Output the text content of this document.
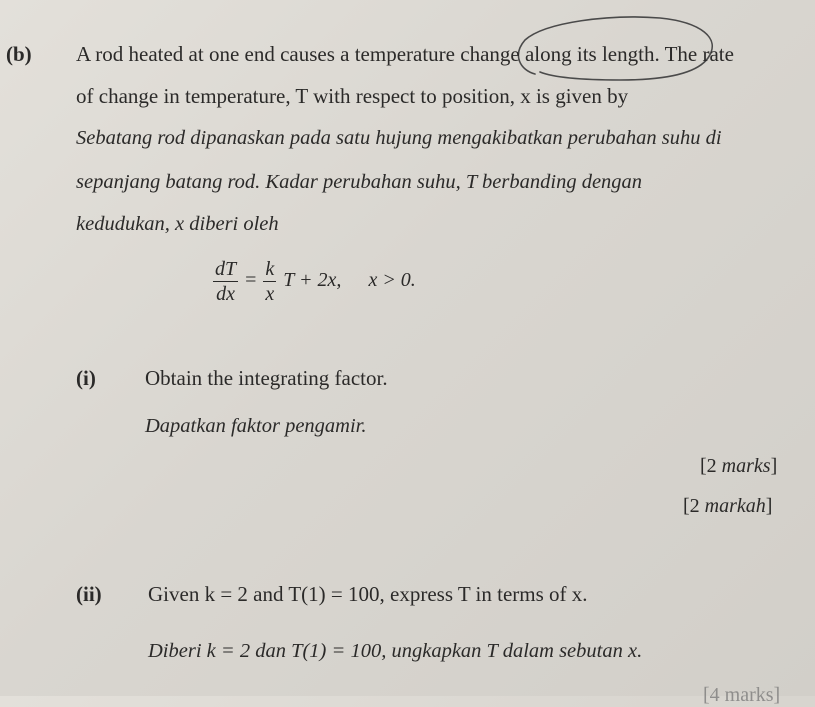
(b) A rod heated at one end causes a temperature change along its length. The rate
of change in temperature, T with respect to position, x is given by
Sebatang rod dipanaskan pada satu hujung mengakibatkan perubahan suhu di
sepanjang batang rod. Kadar perubahan suhu, T berbanding dengan
kedudukan, x diberi oleh
$\frac{dT}{dx} = \frac{k}{x}$ T + 2x, x > 0.
(i) Obtain the integrating factor.
Dapatkan faktor pengamir.
[2 marks]
[2 markah]
(ii) Given k = 2 and T(1) = 100, express T in terms of x.
Diberi k = 2 dan T(1) = 100, ungkapkan T dalam sebutan x.
[4 marks]
